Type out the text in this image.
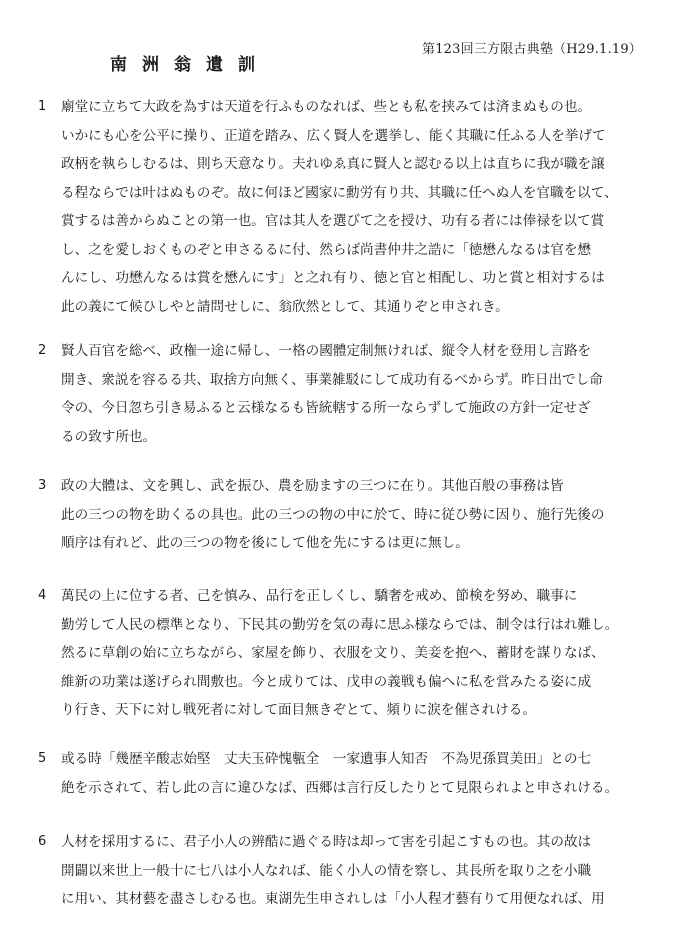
第123回三方限古典塾（H29.1.19）
南洲翁遺訓
1 廟堂に立ちて大政を為すは天道を行ふものなれば、些とも私を挟みては済まぬもの也。
いかにも心を公平に操り、正道を踏み、広く賢人を選挙し、能く其職に任ふる人を挙げて
政柄を執らしむるは、則ち天意なり。夫れゆゑ真に賢人と認むる以上は直ちに我が職を譲
る程ならでは叶はぬものぞ。故に何ほど國家に勳労有り共、其職に任へぬ人を官職を以て、
賞するは善からぬことの第一也。官は其人を選びて之を授け、功有る者には俸禄を以て賞
し、之を愛しおくものぞと申さるるに付、然らば尚書仲井之誥に「徳懋んなるは官を懋
んにし、功懋んなるは賞を懋んにす」と之れ有り、徳と官と相配し、功と賞と相対するは
此の義にて候ひしやと請問せしに、翁欣然として、其通りぞと申されき。
2 賢人百官を総べ、政権一途に帰し、一格の國體定制無ければ、縦令人材を登用し言路を
開き、衆説を容るる共、取捨方向無く、事業雑駁にして成功有るべからず。昨日出でし命
令の、今日忽ち引き易ふると云様なるも皆統轄する所一ならずして施政の方針一定せざ
るの致す所也。
3 政の大體は、文を興し、武を振ひ、農を励ますの三つに在り。其他百般の事務は皆
此の三つの物を助くるの具也。此の三つの物の中に於て、時に従ひ勢に因り、施行先後の
順序は有れど、此の三つの物を後にして他を先にするは更に無し。
4 萬民の上に位する者、己を慎み、品行を正しくし、驕奢を戒め、節検を努め、職事に
勤労して人民の標準となり、下民其の勤労を気の毒に思ふ様ならでは、制令は行はれ難し。
然るに草創の始に立ちながら、家屋を飾り、衣服を文り、美妾を抱へ、蓄財を謀りなば、
維新の功業は遂げられ間敷也。今と成りては、戊申の義戦も偏へに私を営みたる姿に成
り行き、天下に対し戦死者に対して面目無きぞとて、頻りに涙を催されける。
5 或る時「幾歴辛酸志始堅　丈夫玉砕愧甎全　一家遺事人知否　不為児孫買美田」との七
絶を示されて、若し此の言に違ひなば、西郷は言行反したりとて見限られよと申されける。
6 人材を採用するに、君子小人の辨酷に過ぐる時は却って害を引起こすもの也。其の故は
開闢以来世上一般十に七八は小人なれば、能く小人の情を察し、其長所を取り之を小職
に用い、其材藝を盡さしむる也。東湖先生申されしは「小人程才藝有りて用便なれば、用
